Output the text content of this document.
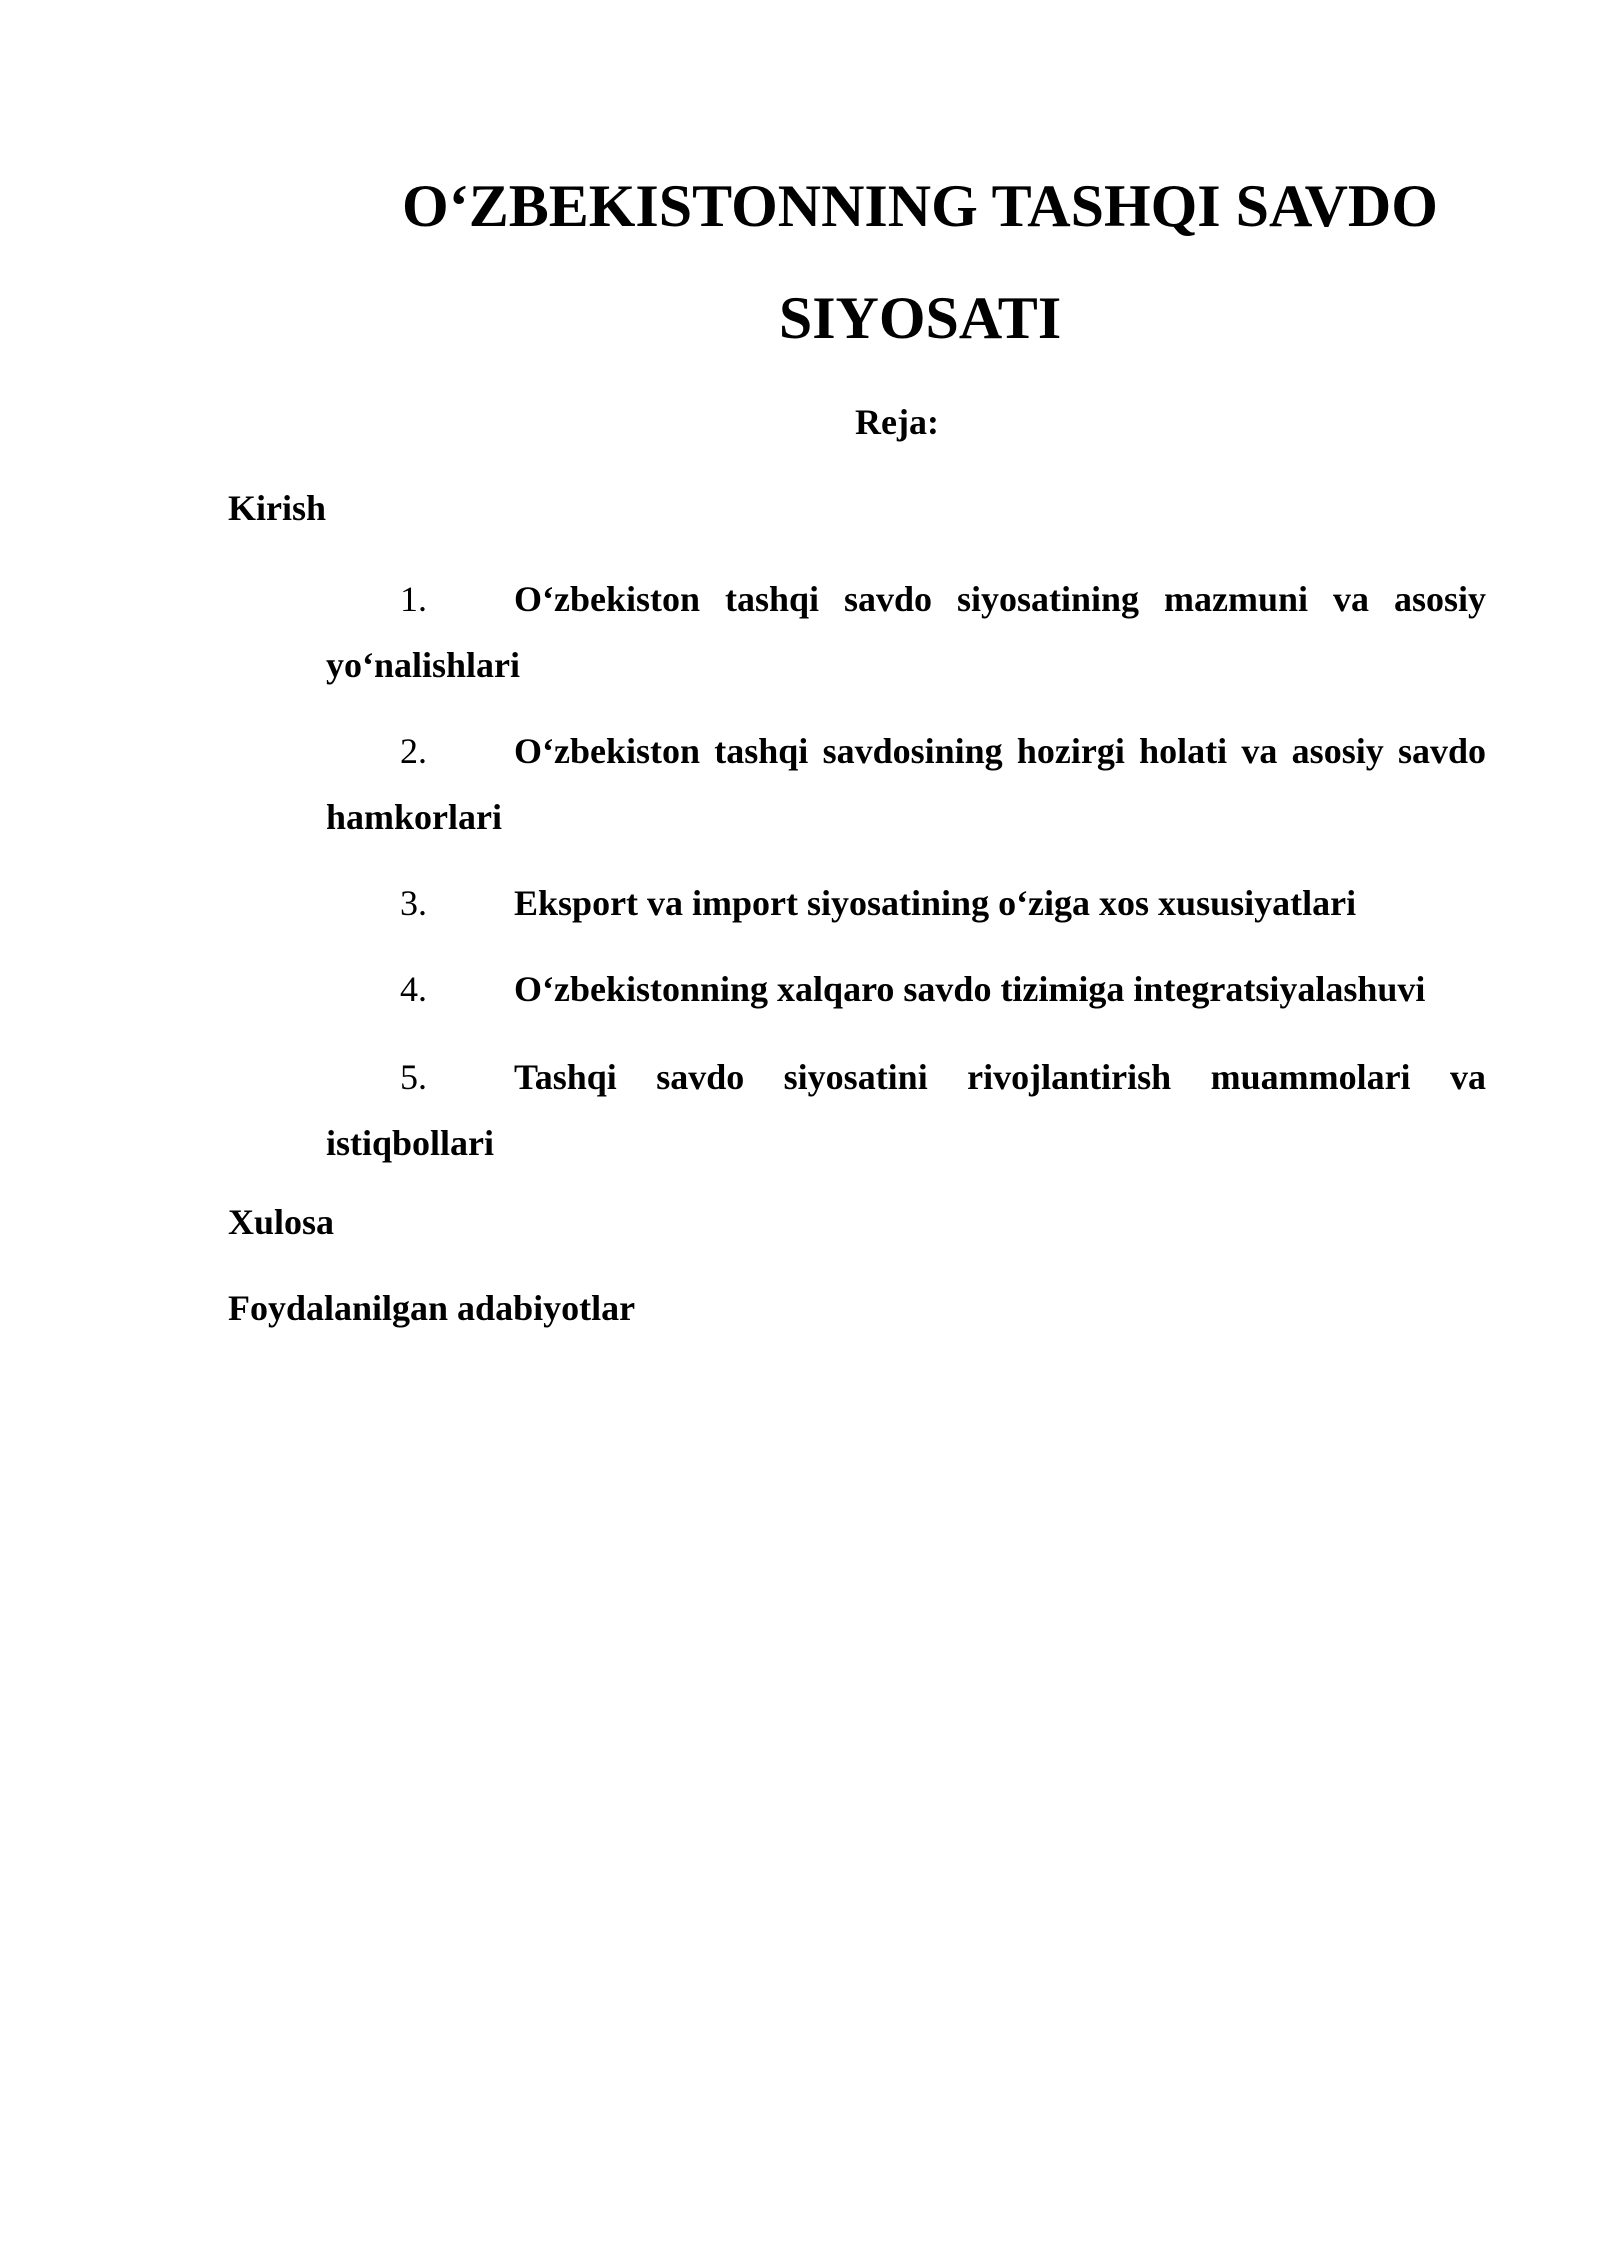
O‘ZBEKISTONNING TASHQI SAVDO
SIYOSATI

Reja:

Kirish

1.	O‘zbekiston tashqi savdo siyosatining mazmuni va asosiy yo‘nalishlari
2.	O‘zbekiston tashqi savdosining hozirgi holati va asosiy savdo hamkorlari
3.	Eksport va import siyosatining o‘ziga xos xususiyatlari
4.	O‘zbekistonning xalqaro savdo tizimiga integratsiyalashuvi
5.	Tashqi savdo siyosatini rivojlantirish muammolari va istiqbollari

Xulosa

Foydalanilgan adabiyotlar
